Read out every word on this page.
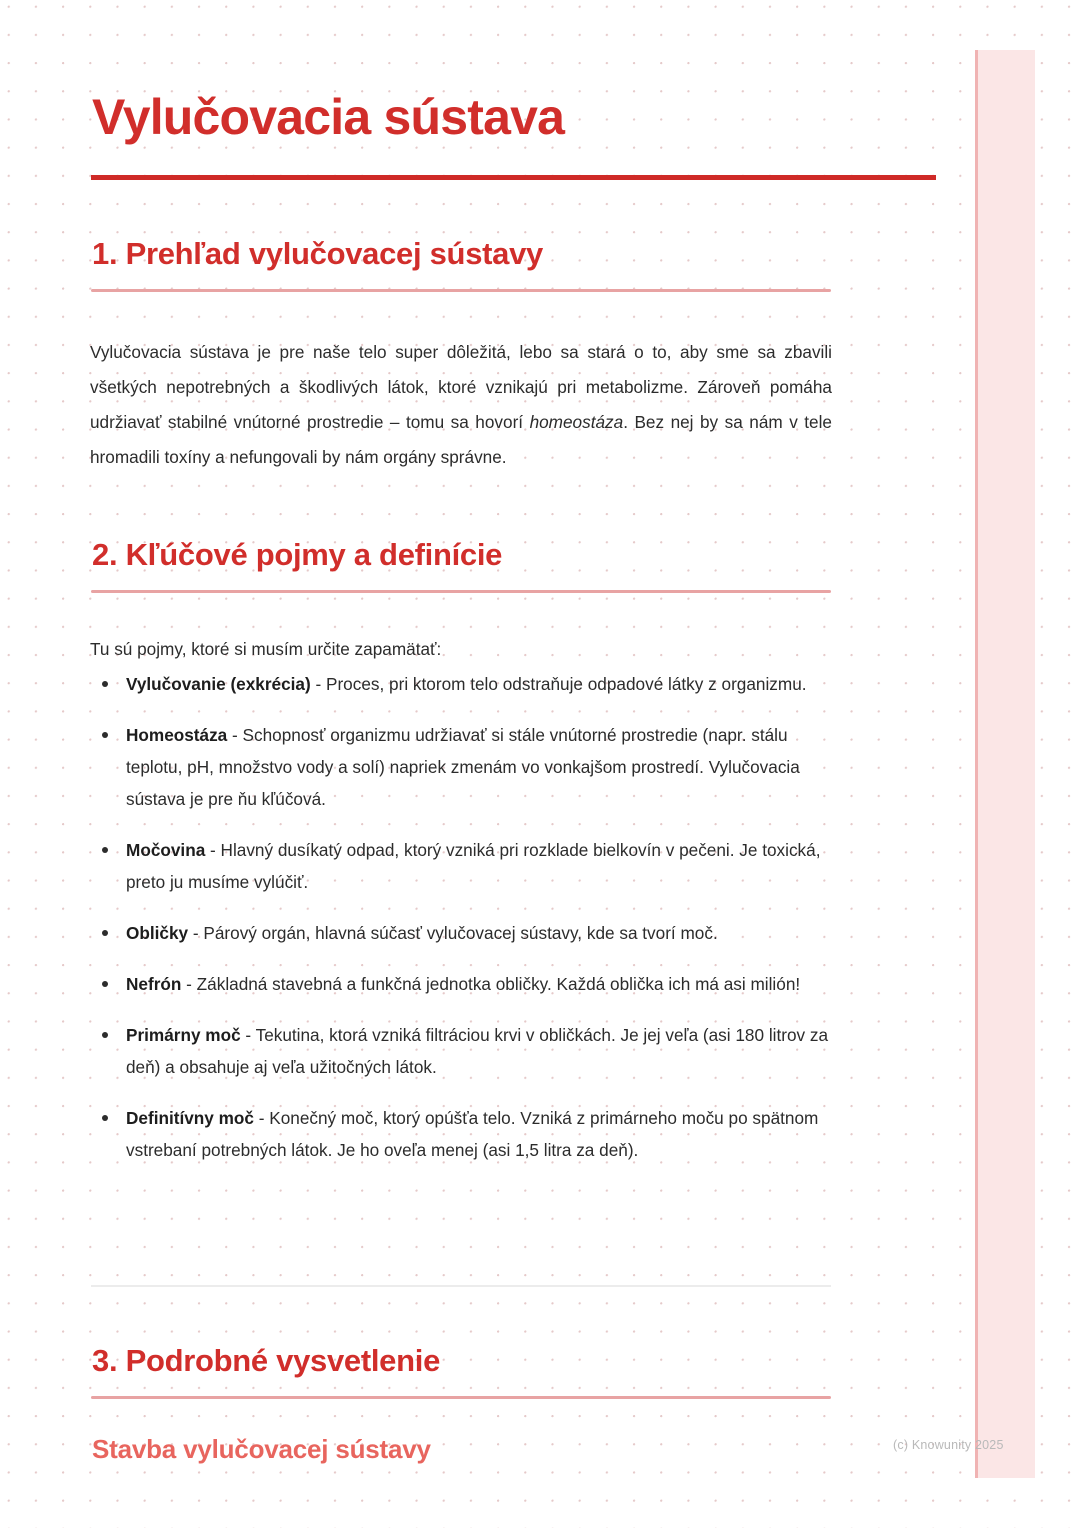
Vylučovacia sústava
1. Prehľad vylučovacej sústavy

Vylučovacia sústava je pre naše telo super dôležitá, lebo sa stará o to, aby sme sa zbavili všetkých nepotrebných a škodlivých látok, ktoré vznikajú pri metabolizme. Zároveň pomáha udržiavať stabilné vnútorné prostredie – tomu sa hovorí homeostáza. Bez nej by sa nám v tele hromadili toxíny a nefungovali by nám orgány správne.

2. Kľúčové pojmy a definície

Tu sú pojmy, ktoré si musím určite zapamätať:

Vylučovanie (exkrécia) - Proces, pri ktorom telo odstraňuje odpadové látky z organizmu.
Homeostáza - Schopnosť organizmu udržiavať si stále vnútorné prostredie (napr. stálu teplotu, pH, množstvo vody a solí) napriek zmenám vo vonkajšom prostredí. Vylučovacia sústava je pre ňu kľúčová.
Močovina - Hlavný dusíkatý odpad, ktorý vzniká pri rozklade bielkovín v pečeni. Je toxická, preto ju musíme vylúčiť.
Obličky - Párový orgán, hlavná súčasť vylučovacej sústavy, kde sa tvorí moč.
Nefrón - Základná stavebná a funkčná jednotka obličky. Každá oblička ich má asi milión!
Primárny moč - Tekutina, ktorá vzniká filtráciou krvi v obličkách. Je jej veľa (asi 180 litrov za deň) a obsahuje aj veľa užitočných látok.
Definitívny moč - Konečný moč, ktorý opúšťa telo. Vzniká z primárneho moču po spätnom vstrebaní potrebných látok. Je ho oveľa menej (asi 1,5 litra za deň).
3. Podrobné vysvetlenie
Stavba vylučovacej sústavy	(c) Knowunity 2025
